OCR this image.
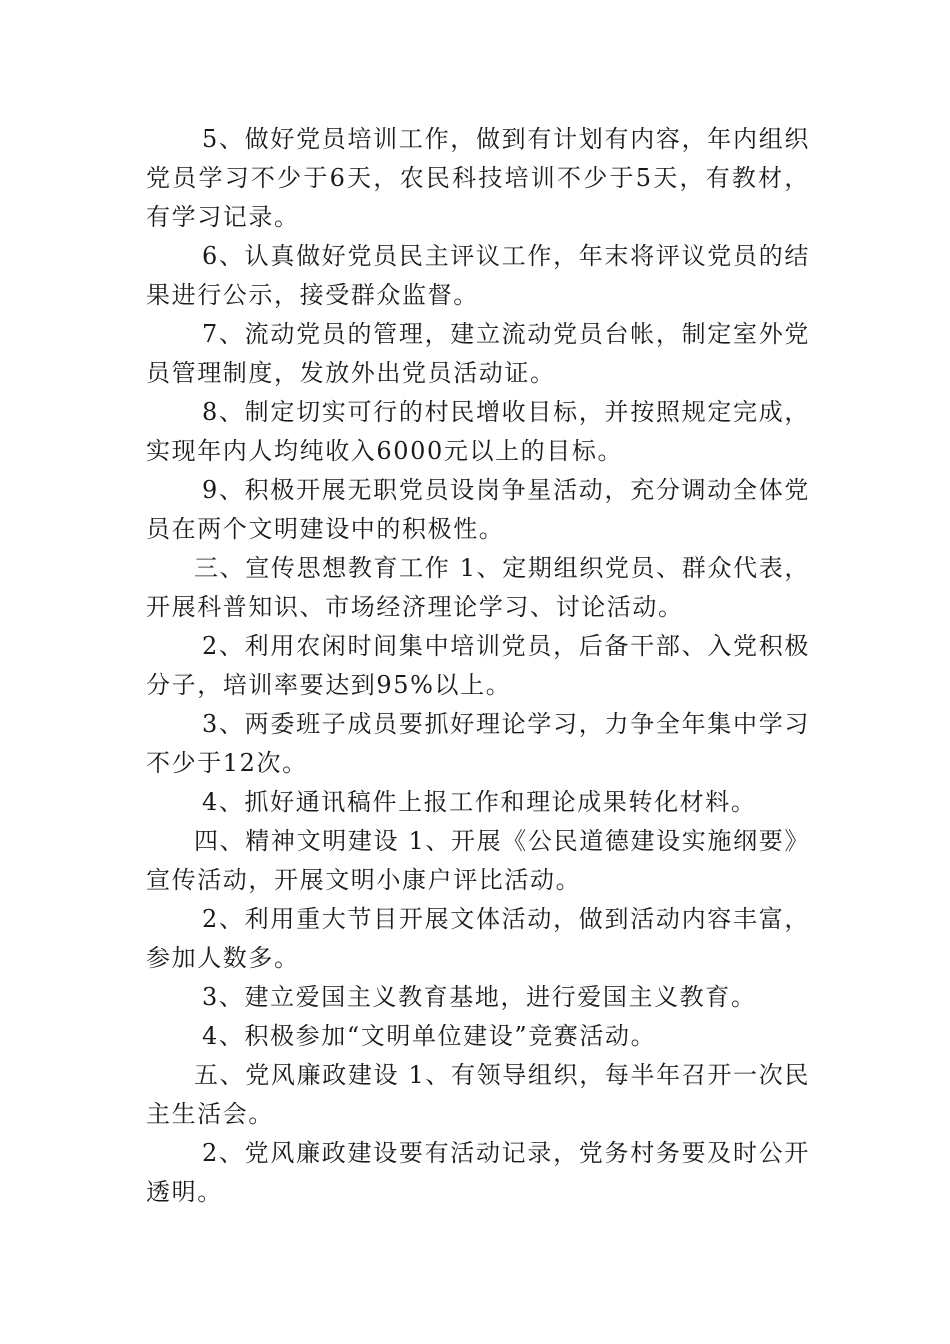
5、做好党员培训工作，做到有计划有内容，年内组织党员学习不少于6天，农民科技培训不少于5天，有教材，有学习记录。

6、认真做好党员民主评议工作，年末将评议党员的结果进行公示，接受群众监督。

7、流动党员的管理，建立流动党员台帐，制定室外党员管理制度，发放外出党员活动证。

8、制定切实可行的村民增收目标，并按照规定完成，实现年内人均纯收入6000元以上的目标。

9、积极开展无职党员设岗争星活动，充分调动全体党员在两个文明建设中的积极性。

三、宣传思想教育工作 1、定期组织党员、群众代表，开展科普知识、市场经济理论学习、讨论活动。

2、利用农闲时间集中培训党员，后备干部、入党积极分子，培训率要达到95%以上。

3、两委班子成员要抓好理论学习，力争全年集中学习不少于12次。

4、抓好通讯稿件上报工作和理论成果转化材料。

四、精神文明建设 1、开展《公民道德建设实施纲要》宣传活动，开展文明小康户评比活动。

2、利用重大节目开展文体活动，做到活动内容丰富，参加人数多。

3、建立爱国主义教育基地，进行爱国主义教育。

4、积极参加“文明单位建设”竞赛活动。

五、党风廉政建设 1、有领导组织，每半年召开一次民主生活会。

2、党风廉政建设要有活动记录，党务村务要及时公开透明。
